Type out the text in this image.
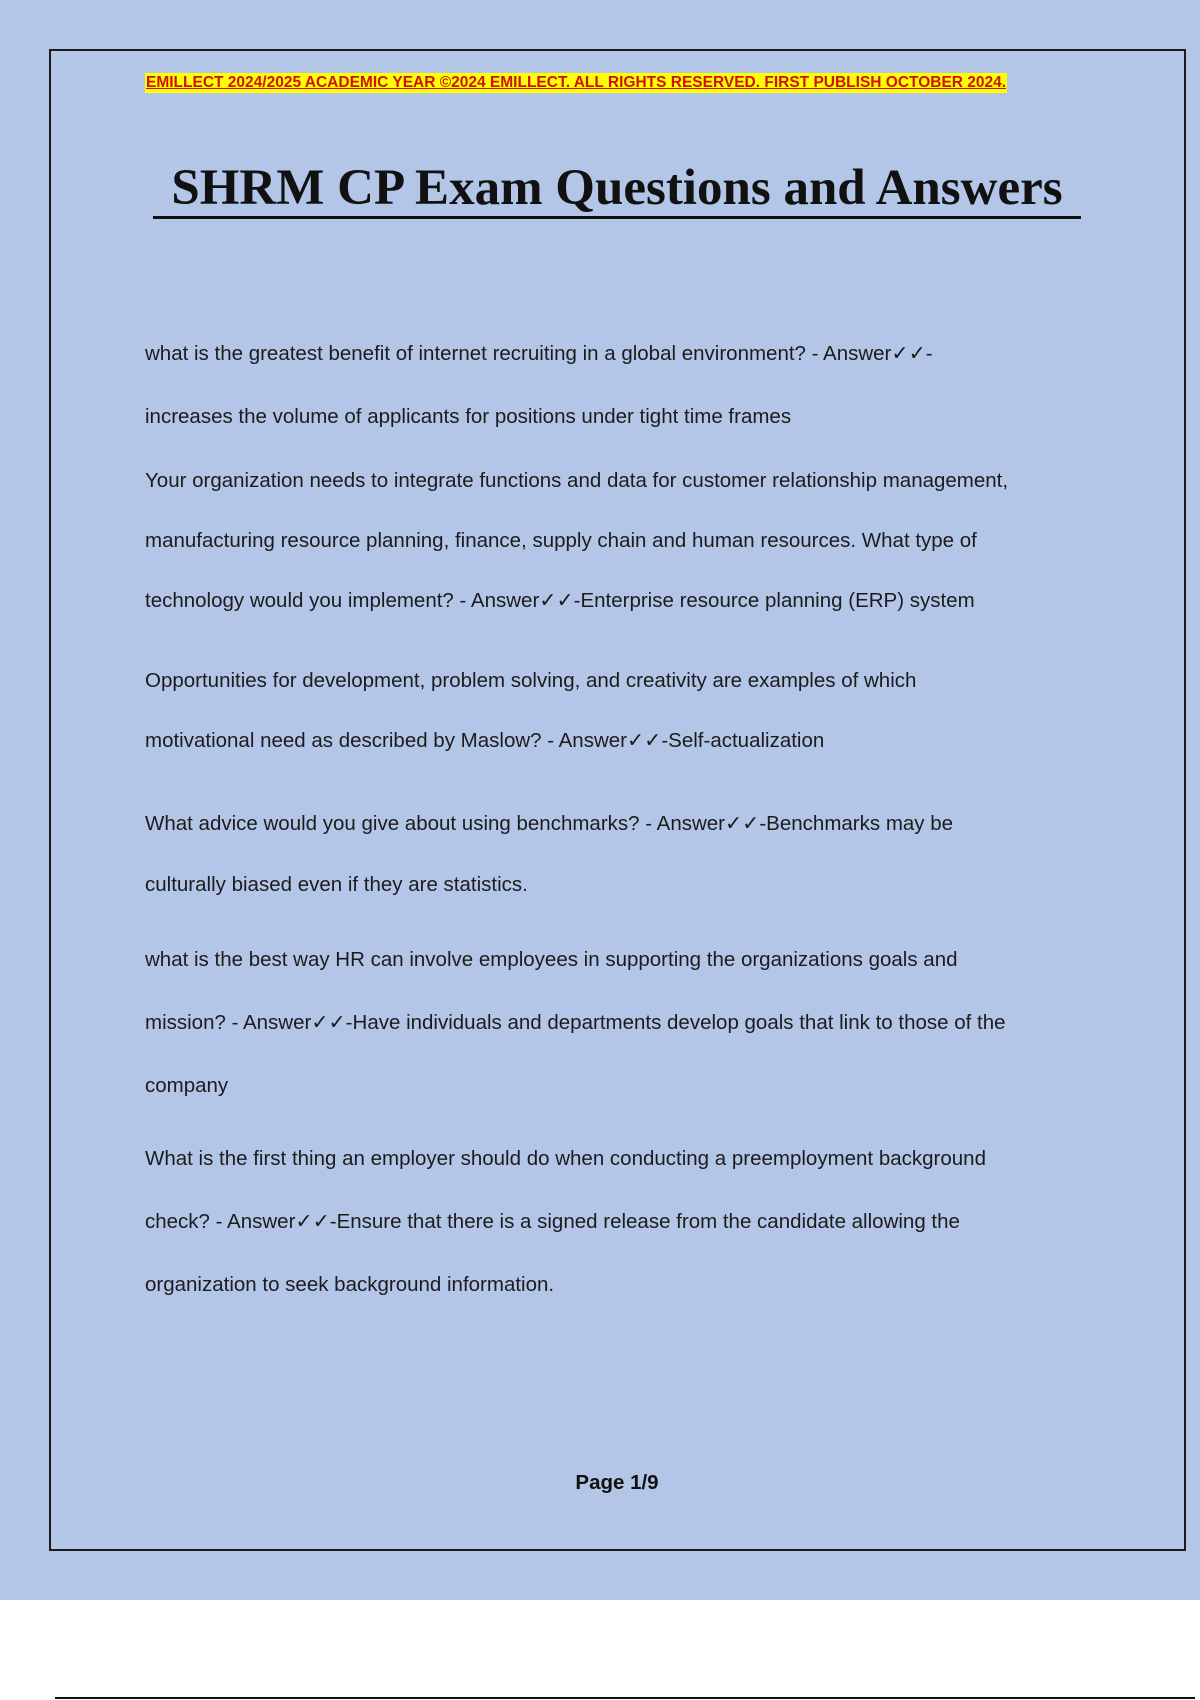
EMILLECT 2024/2025 ACADEMIC YEAR ©2024 EMILLECT. ALL RIGHTS RESERVED. FIRST PUBLISH OCTOBER 2024.
SHRM CP Exam Questions and Answers

what is the greatest benefit of internet recruiting in a global environment? - Answer✓✓-

increases the volume of applicants for positions under tight time frames

Your organization needs to integrate functions and data for customer relationship management,

manufacturing resource planning, finance, supply chain and human resources. What type of

technology would you implement? - Answer✓✓-Enterprise resource planning (ERP) system

Opportunities for development, problem solving, and creativity are examples of which

motivational need as described by Maslow? - Answer✓✓-Self-actualization

What advice would you give about using benchmarks? - Answer✓✓-Benchmarks may be

culturally biased even if they are statistics.

what is the best way HR can involve employees in supporting the organizations goals and

mission? - Answer✓✓-Have individuals and departments develop goals that link to those of the

company

What is the first thing an employer should do when conducting a preemployment background

check? - Answer✓✓-Ensure that there is a signed release from the candidate allowing the

organization to seek background information.

Page 1/9
